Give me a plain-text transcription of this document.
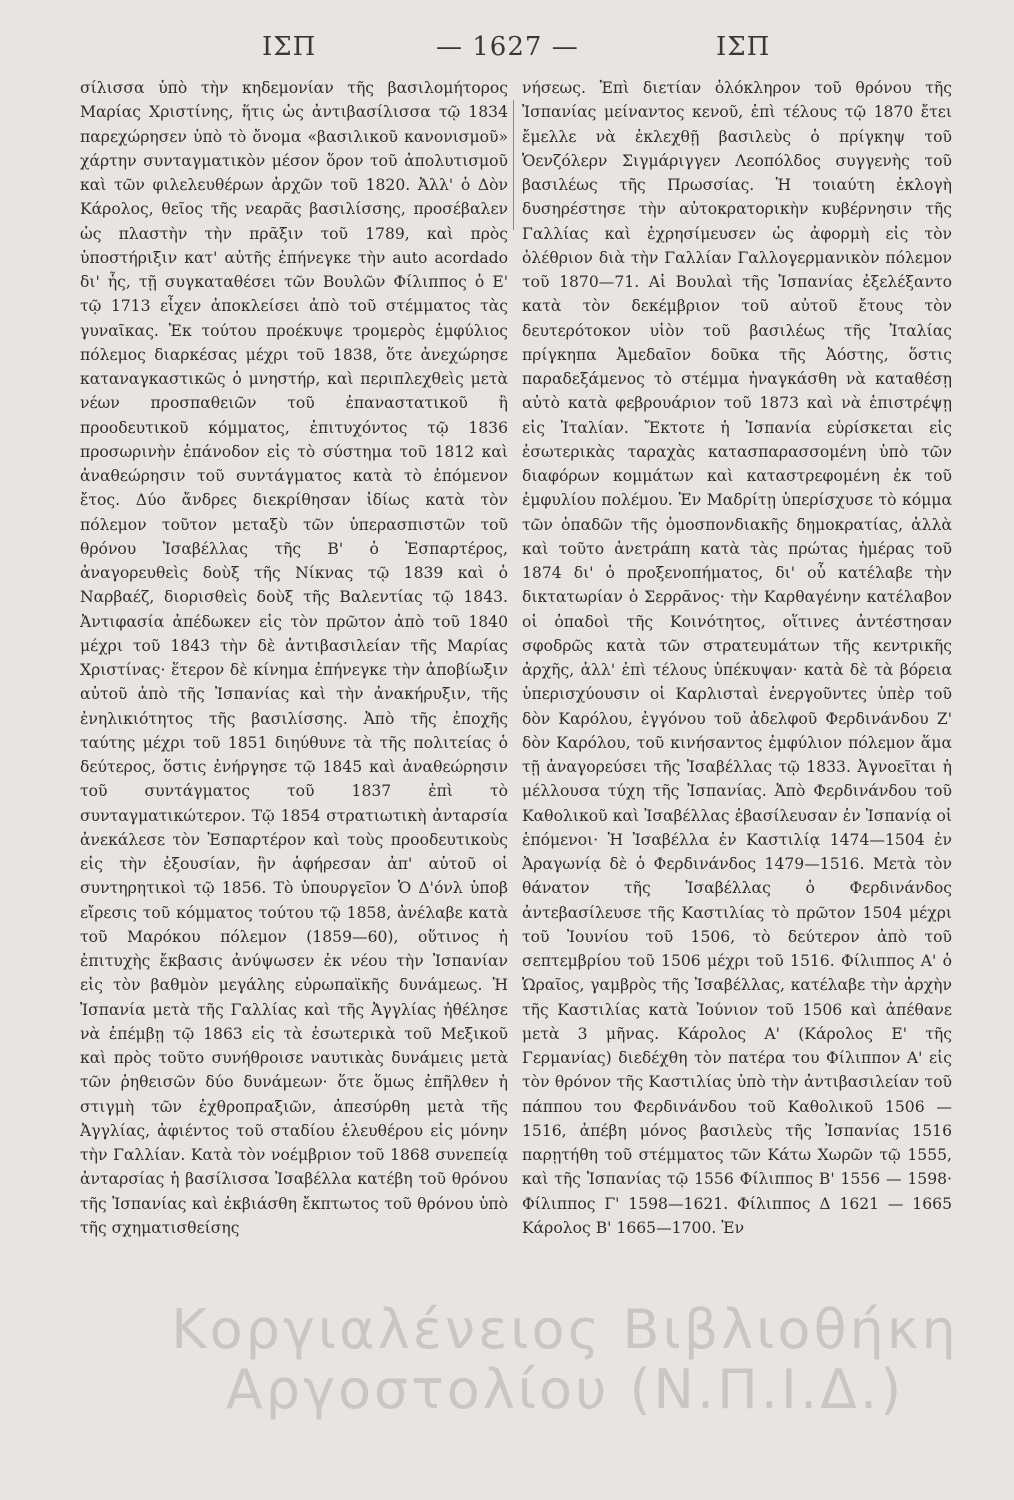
ΙΣΠ	— 1627 —	ΙΣΠ

σίλισσα ὑπὸ τὴν κηδεμονίαν τῆς βασιλομήτορος Μαρίας Χριστίνης, ἥτις ὡς ἀντιβασίλισσα τῷ 1834 παρεχώρησεν ὑπὸ τὸ ὄνομα «βασιλικοῦ κανονισμοῦ» χάρτην συνταγματικὸν μέσον ὅρον τοῦ ἀπολυτισμοῦ καὶ τῶν φιλελευθέρων ἀρχῶν τοῦ 1820. Ἀλλ' ὁ Δὸν Κάρολος, θεῖος τῆς νεαρᾶς βασιλίσσης, προσέβαλεν ὡς πλαστὴν τὴν πρᾶξιν τοῦ 1789, καὶ πρὸς ὑποστήριξιν κατ' αὐτῆς ἐπήνεγκε τὴν auto acordado δι' ἧς, τῇ συγκαταθέσει τῶν Βουλῶν Φίλιππος ὁ Ε' τῷ 1713 εἶχεν ἀποκλείσει ἀπὸ τοῦ στέμματος τὰς γυναῖκας. Ἐκ τούτου προέκυψε τρομερὸς ἐμφύλιος πόλεμος διαρκέσας μέχρι τοῦ 1838, ὅτε ἀνεχώρησε καταναγκαστικῶς ὁ μνηστήρ, καὶ περιπλεχθεὶς μετὰ νέων προσπαθειῶν τοῦ ἐπαναστατικοῦ ἢ προοδευτικοῦ κόμματος, ἐπιτυχόντος τῷ 1836 προσωρινὴν ἐπάνοδον εἰς τὸ σύστημα τοῦ 1812 καὶ ἀναθεώρησιν τοῦ συντάγματος κατὰ τὸ ἑπόμενον ἔτος. Δύο ἄνδρες διεκρίθησαν ἰδίως κατὰ τὸν πόλεμον τοῦτον μεταξὺ τῶν ὑπερασπιστῶν τοῦ θρόνου Ἰσαβέλλας τῆς Β' ὁ Ἐσπαρτέρος, ἀναγορευθεὶς δοὺξ τῆς Νίκνας τῷ 1839 καὶ ὁ Ναρβαέζ, διορισθεὶς δοὺξ τῆς Βαλεντίας τῷ 1843. Ἀντιφασία ἀπέδωκεν εἰς τὸν πρῶτον ἀπὸ τοῦ 1840 μέχρι τοῦ 1843 τὴν δὲ ἀντιβασιλείαν τῆς Μαρίας Χριστίνας· ἕτερον δὲ κίνημα ἐπήνεγκε τὴν ἀποβίωξιν αὐτοῦ ἀπὸ τῆς Ἰσπανίας καὶ τὴν ἀνακήρυξιν, τῆς ἐνηλικιότητος τῆς βασιλίσσης. Ἀπὸ τῆς ἐποχῆς ταύτης μέχρι τοῦ 1851 διηύθυνε τὰ τῆς πολιτείας ὁ δεύτερος, ὅστις ἐνήργησε τῷ 1845 καὶ ἀναθεώρησιν τοῦ συντάγματος τοῦ 1837 ἐπὶ τὸ συνταγματικώτερον. Τῷ 1854 στρατιωτικὴ ἀνταρσία ἀνεκάλεσε τὸν Ἐσπαρτέρον καὶ τοὺς προοδευτικοὺς εἰς τὴν ἐξουσίαν, ἣν ἀφήρεσαν ἀπ' αὐτοῦ οἱ συντηρητικοὶ τῷ 1856. Τὸ ὑπουργεῖον Ὁ Δ'όνλ ὑποβ εἴρεσις τοῦ κόμματος τούτου τῷ 1858, ἀνέλαβε κατὰ τοῦ Μαρόκου πόλεμον (1859—60), οὕτινος ἡ ἐπιτυχὴς ἔκβασις ἀνύψωσεν ἐκ νέου τὴν Ἰσπανίαν εἰς τὸν βαθμὸν μεγάλης εὐρωπαϊκῆς δυνάμεως. Ἡ Ἰσπανία μετὰ τῆς Γαλλίας καὶ τῆς Ἀγγλίας ἠθέλησε νὰ ἐπέμβῃ τῷ 1863 εἰς τὰ ἐσωτερικὰ τοῦ Μεξικοῦ καὶ πρὸς τοῦτο συνήθροισε ναυτικὰς δυνάμεις μετὰ τῶν ῥηθεισῶν δύο δυνάμεων· ὅτε ὅμως ἐπῆλθεν ἡ στιγμὴ τῶν ἐχθροπραξιῶν, ἀπεσύρθη μετὰ τῆς Ἀγγλίας, ἀφιέντος τοῦ σταδίου ἐλευθέρου εἰς μόνην τὴν Γαλλίαν. Κατὰ τὸν νοέμβριον τοῦ 1868 συνεπείᾳ ἀνταρσίας ἡ βασίλισσα Ἰσαβέλλα κατέβη τοῦ θρόνου τῆς Ἰσπανίας καὶ ἐκβιάσθη ἔκπτωτος τοῦ θρόνου ὑπὸ τῆς σχηματισθείσης

νήσεως. Ἐπὶ διετίαν ὁλόκληρον τοῦ θρόνου τῆς Ἰσπανίας μείναντος κενοῦ, ἐπὶ τέλους τῷ 1870 ἔτει ἔμελλε νὰ ἐκλεχθῇ βασιλεὺς ὁ πρίγκηψ τοῦ Ὁενζόλερν Σιγμάριγγεν Λεοπόλδος συγγενὴς τοῦ βασιλέως τῆς Πρωσσίας. Ἡ τοιαύτη ἐκλογὴ δυσηρέστησε τὴν αὐτοκρατορικὴν κυβέρνησιν τῆς Γαλλίας καὶ ἐχρησίμευσεν ὡς ἀφορμὴ εἰς τὸν ὀλέθριον διὰ τὴν Γαλλίαν Γαλλογερμανικὸν πόλεμον τοῦ 1870—71. Αἱ Βουλαὶ τῆς Ἰσπανίας ἐξελέξαντο κατὰ τὸν δεκέμβριον τοῦ αὐτοῦ ἔτους τὸν δευτερότοκον υἱὸν τοῦ βασιλέως τῆς Ἰταλίας πρίγκηπα Ἀμεδαῖον δοῦκα τῆς Ἀόστης, ὅστις παραδεξάμενος τὸ στέμμα ἠναγκάσθη νὰ καταθέσῃ αὐτὸ κατὰ φεβρουάριον τοῦ 1873 καὶ νὰ ἐπιστρέψῃ εἰς Ἰταλίαν. Ἔκτοτε ἡ Ἰσπανία εὑρίσκεται εἰς ἐσωτερικὰς ταραχὰς κατασπαρασσομένη ὑπὸ τῶν διαφόρων κομμάτων καὶ καταστρεφομένη ἐκ τοῦ ἐμφυλίου πολέμου. Ἐν Μαδρίτῃ ὑπερίσχυσε τὸ κόμμα τῶν ὀπαδῶν τῆς ὁμοσπονδιακῆς δημοκρατίας, ἀλλὰ καὶ τοῦτο ἀνετράπη κατὰ τὰς πρώτας ἡμέρας τοῦ 1874 δι' ὁ προξενοπήματος, δι' οὗ κατέλαβε τὴν δικτατωρίαν ὁ Σερρᾶνος· τὴν Καρθαγένην κατέλαβον οἱ ὀπαδοὶ τῆς Κοινότητος, οἵτινες ἀντέστησαν σφοδρῶς κατὰ τῶν στρατευμάτων τῆς κεντρικῆς ἀρχῆς, ἀλλ' ἐπὶ τέλους ὑπέκυψαν· κατὰ δὲ τὰ βόρεια ὑπερισχύουσιν οἱ Καρλισταὶ ἐνεργοῦντες ὑπὲρ τοῦ δὸν Καρόλου, ἐγγόνου τοῦ ἀδελφοῦ Φερδινάνδου Ζ' δὸν Καρόλου, τοῦ κινήσαντος ἐμφύλιον πόλεμον ἅμα τῇ ἀναγορεύσει τῆς Ἰσαβέλλας τῷ 1833. Ἀγνοεῖται ἡ μέλλουσα τύχη τῆς Ἰσπανίας. Ἀπὸ Φερδινάνδου τοῦ Καθολικοῦ καὶ Ἰσαβέλλας ἐβασίλευσαν ἐν Ἰσπανίᾳ οἱ ἑπόμενοι· Ἡ Ἰσαβέλλα ἐν Καστιλίᾳ 1474—1504 ἐν Ἀραγωνίᾳ δὲ ὁ Φερδινάνδος 1479—1516. Μετὰ τὸν θάνατον τῆς Ἰσαβέλλας ὁ Φερδινάνδος ἀντεβασίλευσε τῆς Καστιλίας τὸ πρῶτον 1504 μέχρι τοῦ Ἰουνίου τοῦ 1506, τὸ δεύτερον ἀπὸ τοῦ σεπτεμβρίου τοῦ 1506 μέχρι τοῦ 1516. Φίλιππος Α' ὁ Ὡραῖος, γαμβρὸς τῆς Ἰσαβέλλας, κατέλαβε τὴν ἀρχὴν τῆς Καστιλίας κατὰ Ἰούνιον τοῦ 1506 καὶ ἀπέθανε μετὰ 3 μῆνας. Κάρολος Α' (Κάρολος Ε' τῆς Γερμανίας) διεδέχθη τὸν πατέρα του Φίλιππον Α' εἰς τὸν θρόνον τῆς Καστιλίας ὑπὸ τὴν ἀντιβασιλείαν τοῦ πάππου του Φερδινάνδου τοῦ Καθολικοῦ 1506 — 1516, ἀπέβη μόνος βασιλεὺς τῆς Ἰσπανίας 1516 παρῃτήθη τοῦ στέμματος τῶν Κάτω Χωρῶν τῷ 1555, καὶ τῆς Ἰσπανίας τῷ 1556 Φίλιππος Β' 1556 — 1598· Φίλιππος Γ' 1598—1621. Φίλιππος Δ 1621 — 1665 Κάρολος Β' 1665—1700. Ἐν

Κοργιαλένειος Βιβλιοθήκη
Αργοστολίου (Ν.Π.Ι.Δ.)
